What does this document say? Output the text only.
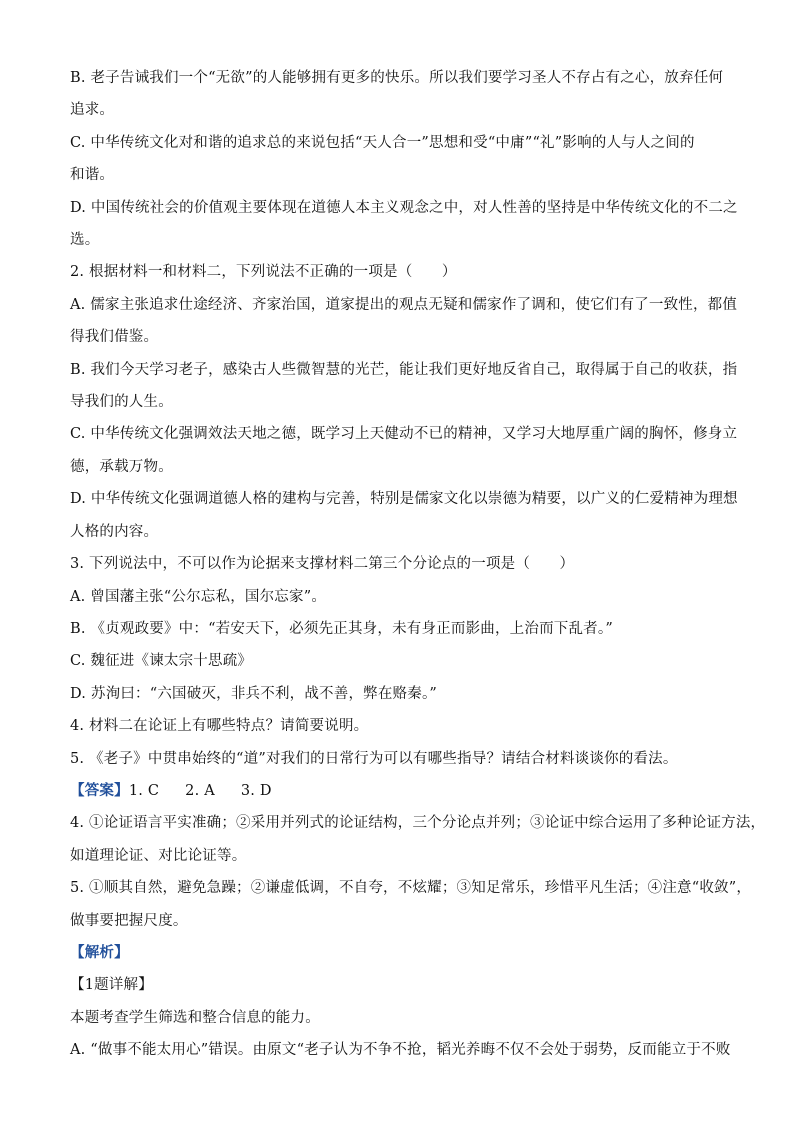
B. 老子告诫我们一个“无欲”的人能够拥有更多的快乐。所以我们要学习圣人不存占有之心，放弃任何
追求。
C. 中华传统文化对和谐的追求总的来说包括“天人合一”思想和受“中庸”“礼”影响的人与人之间的
和谐。
D. 中国传统社会的价值观主要体现在道德人本主义观念之中，对人性善的坚持是中华传统文化的不二之
选。
2. 根据材料一和材料二，下列说法不正确的一项是（　　）
A. 儒家主张追求仕途经济、齐家治国，道家提出的观点无疑和儒家作了调和，使它们有了一致性，都值
得我们借鉴。
B. 我们今天学习老子，感染古人些微智慧的光芒，能让我们更好地反省自己，取得属于自己的收获，指
导我们的人生。
C. 中华传统文化强调效法天地之德，既学习上天健动不已的精神，又学习大地厚重广阔的胸怀，修身立
德，承载万物。
D. 中华传统文化强调道德人格的建构与完善，特别是儒家文化以崇德为精要，以广义的仁爱精神为理想
人格的内容。
3. 下列说法中，不可以作为论据来支撑材料二第三个分论点的一项是（　　）
A. 曾国藩主张“公尔忘私，国尔忘家”。
B. 《贞观政要》中：“若安天下，必须先正其身，未有身正而影曲，上治而下乱者。”
C. 魏征进《谏太宗十思疏》
D. 苏洵曰：“六国破灭，非兵不利，战不善，弊在赂秦。”
4. 材料二在论证上有哪些特点？请简要说明。
5. 《老子》中贯串始终的“道”对我们的日常行为可以有哪些指导？请结合材料谈谈你的看法。
【答案】1. C 2. A 3. D
4. ①论证语言平实准确；②采用并列式的论证结构，三个分论点并列；③论证中综合运用了多种论证方法，
如道理论证、对比论证等。
5. ①顺其自然，避免急躁；②谦虚低调，不自夸，不炫耀；③知足常乐，珍惜平凡生活；④注意“收敛”，
做事要把握尺度。
【解析】
【1题详解】
本题考查学生筛选和整合信息的能力。
A. “做事不能太用心”错误。由原文“老子认为不争不抢，韬光养晦不仅不会处于弱势，反而能立于不败
